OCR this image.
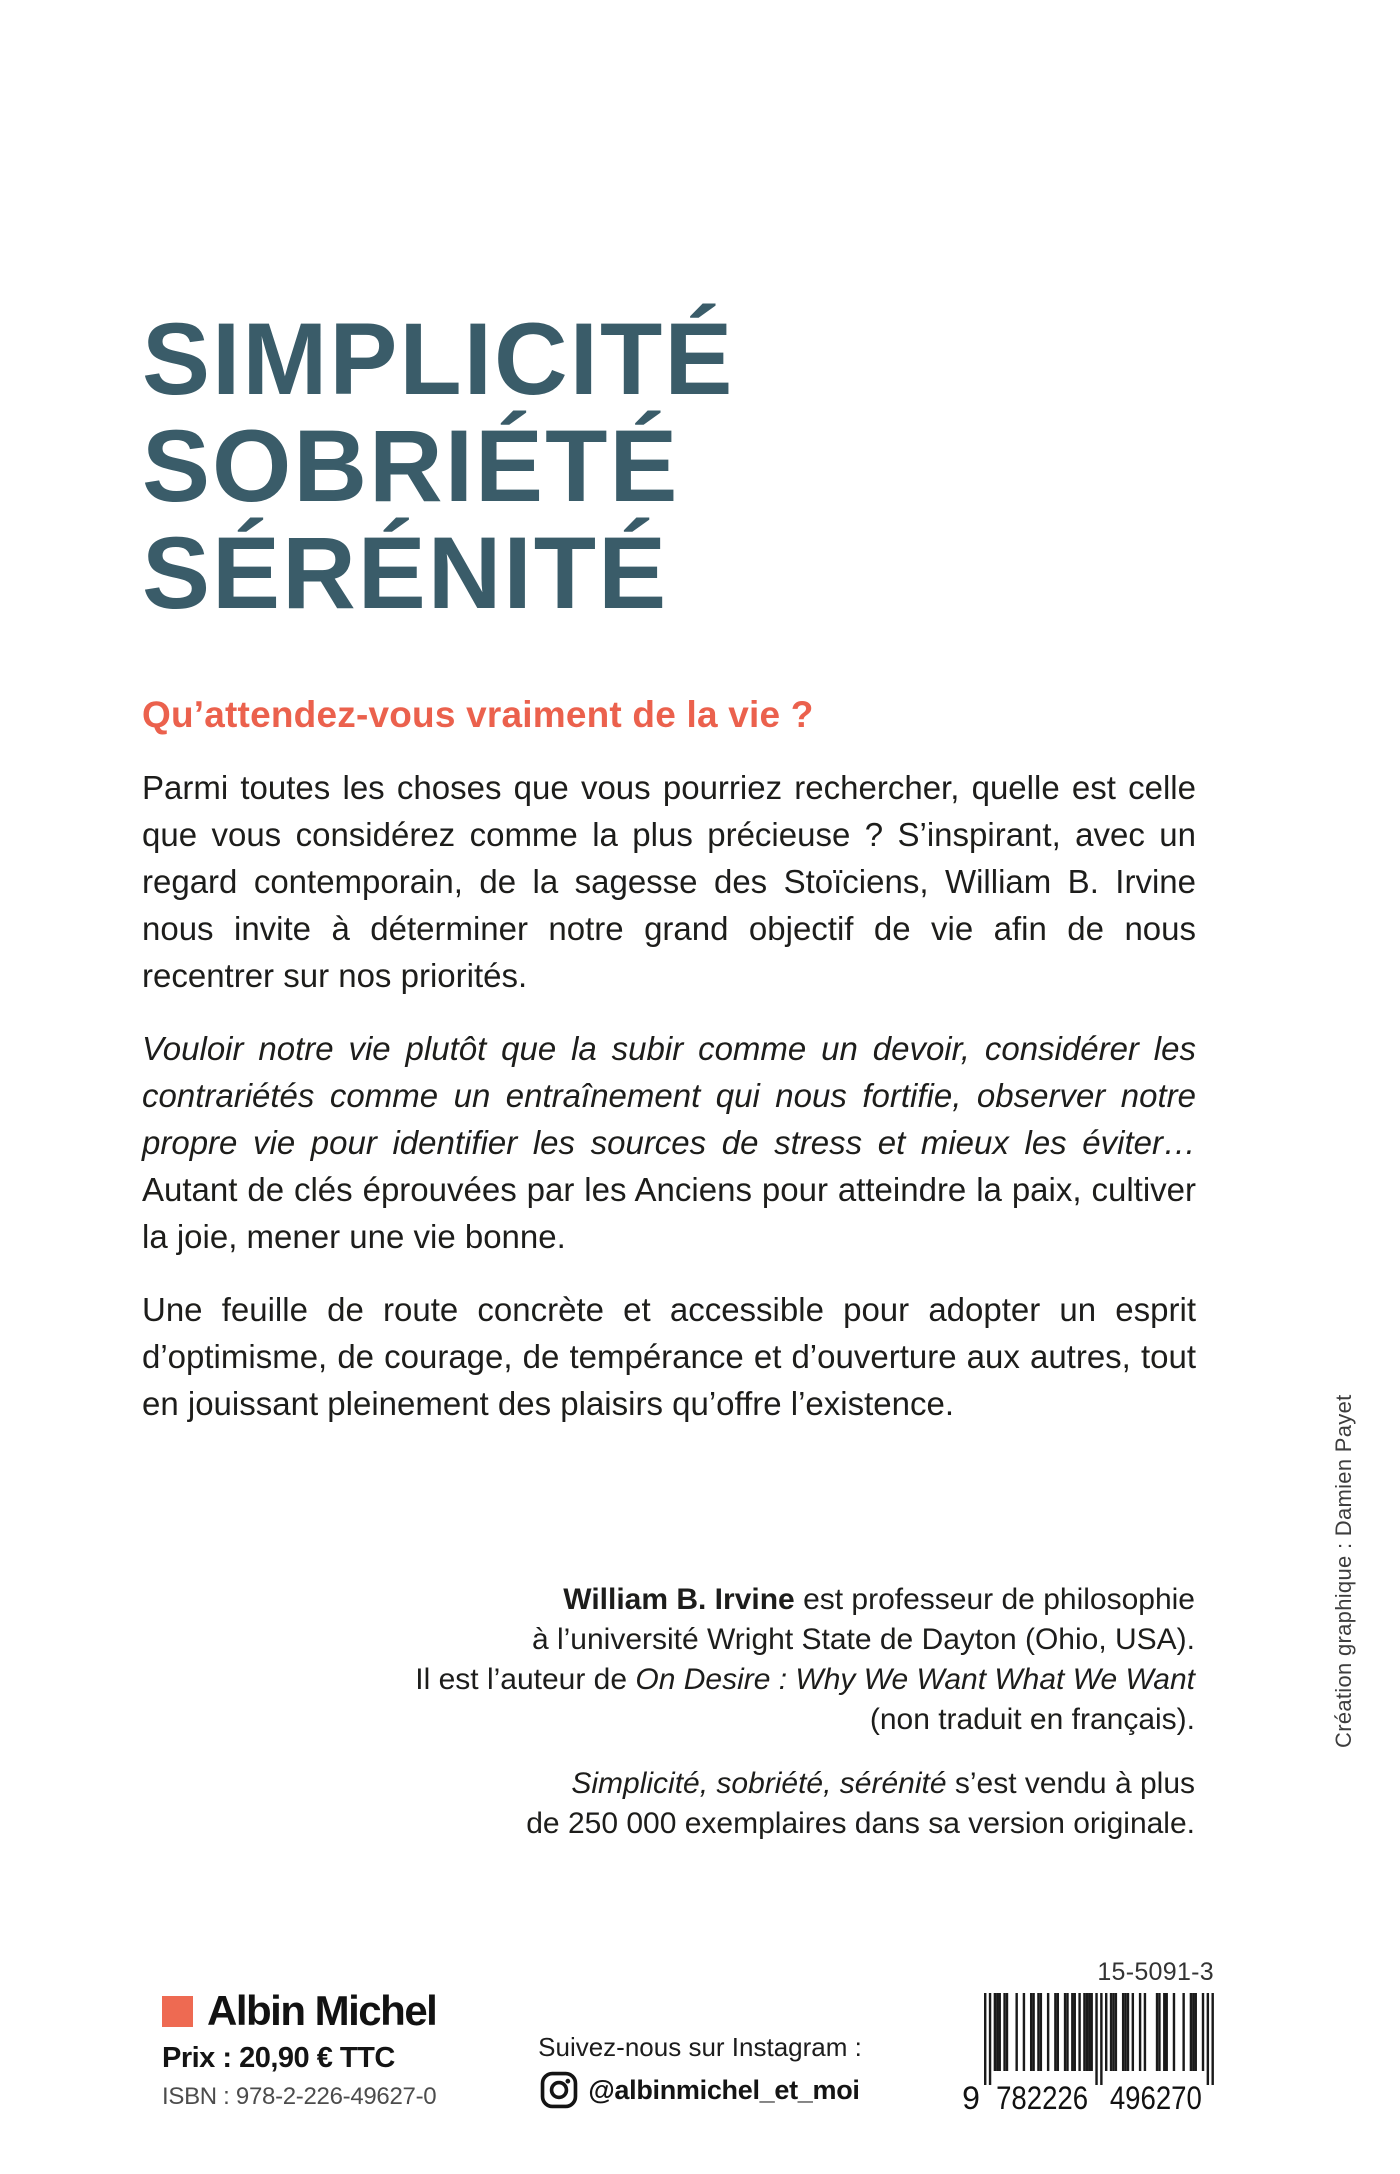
SIMPLICITÉ
SOBRIÉTÉ
SÉRÉNITÉ
Qu’attendez-vous vraiment de la vie ?

Parmi toutes les choses que vous pourriez rechercher, quelle est celle que vous considérez comme la plus précieuse ? S’inspirant, avec un regard contemporain, de la sagesse des Stoïciens, William B. Irvine nous invite à déterminer notre grand objectif de vie afin de nous recentrer sur nos priorités.

Vouloir notre vie plutôt que la subir comme un devoir, considérer les contrariétés comme un entraînement qui nous fortifie, observer notre propre vie pour identifier les sources de stress et mieux les éviter… Autant de clés éprouvées par les Anciens pour atteindre la paix, cultiver la joie, mener une vie bonne.

Une feuille de route concrète et accessible pour adopter un esprit d’optimisme, de courage, de tempérance et d’ouverture aux autres, tout en jouissant pleinement des plaisirs qu’offre l’existence.

William B. Irvine est professeur de philosophie
à l’université Wright State de Dayton (Ohio, USA).
Il est l’auteur de On Desire : Why We Want What We Want
(non traduit en français).
Simplicité, sobriété, sérénité s’est vendu à plus
de 250 000 exemplaires dans sa version originale.
Création graphique : Damien Payet
Albin Michel
Prix : 20,90 € TTC
ISBN : 978-2-226-49627-0
Suivez-nous sur Instagram :
@albinmichel_et_moi
15-5091-3
9 782226 496270
